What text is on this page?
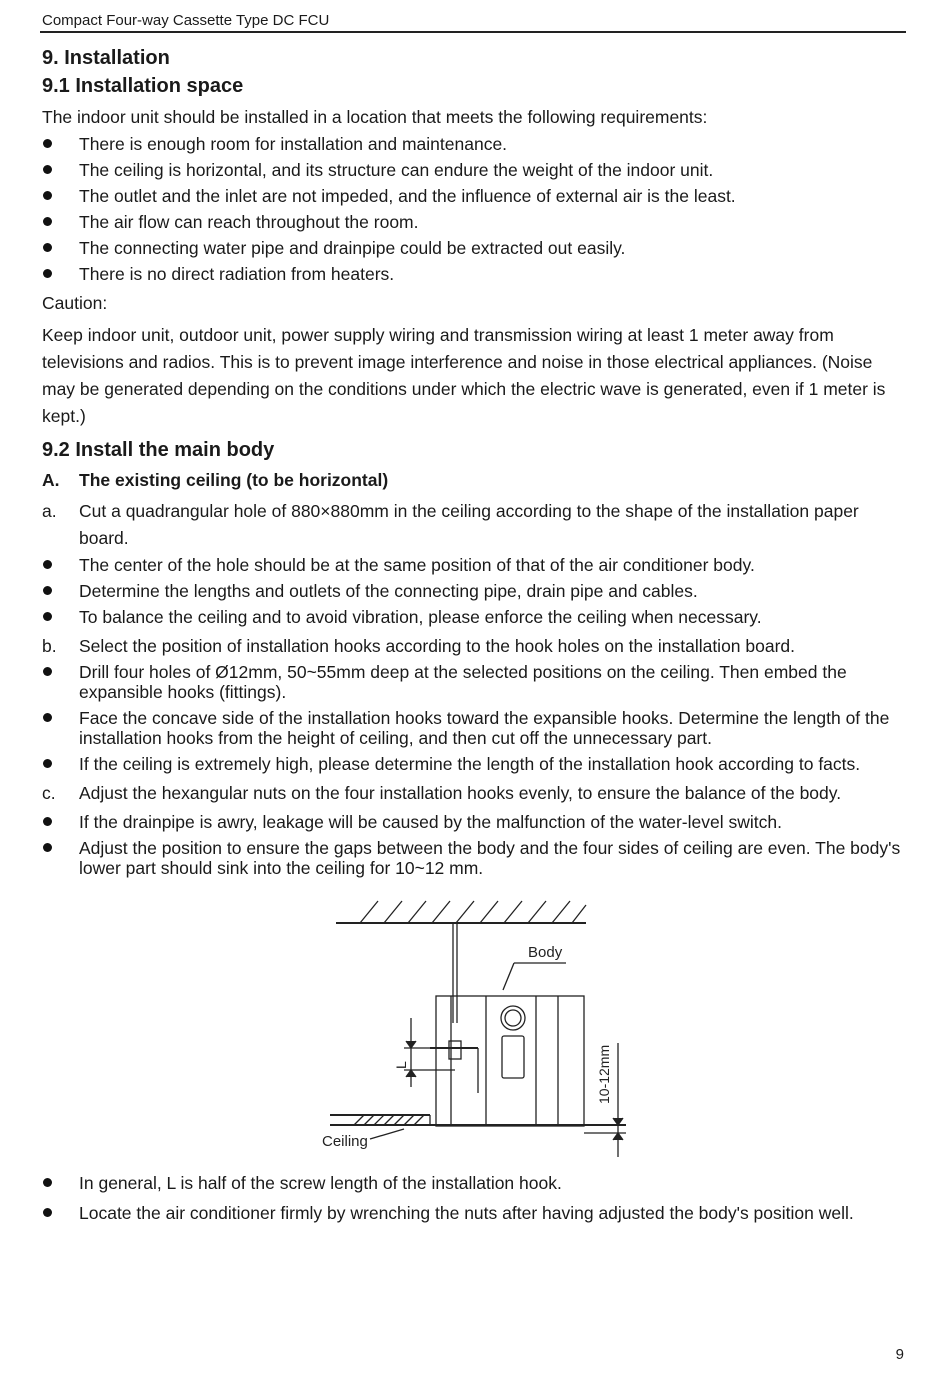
Compact Four-way Cassette Type DC FCU
9. Installation
9.1 Installation space
The indoor unit should be installed in a location that meets the following requirements:
There is enough room for installation and maintenance.
The ceiling is horizontal, and its structure can endure the weight of the indoor unit.
The outlet and the inlet are not impeded, and the influence of external air is the least.
The air flow can reach throughout the room.
The connecting water pipe and drainpipe could be extracted out easily.
There is no direct radiation from heaters.
Caution:
Keep indoor unit, outdoor unit, power supply wiring and transmission wiring at least 1 meter away from televisions and radios. This is to prevent image interference and noise in those electrical appliances. (Noise may be generated depending on the conditions under which the electric wave is generated, even if 1 meter is kept.)
9.2 Install the main body
A.	The existing ceiling (to be horizontal)
a.	Cut a quadrangular hole of 880×880mm in the ceiling according to the shape of the installation paper board.
The center of the hole should be at the same position of that of the air conditioner body.
Determine the lengths and outlets of the connecting pipe, drain pipe and cables.
To balance the ceiling and to avoid vibration, please enforce the ceiling when necessary.
b.	Select the position of installation hooks according to the hook holes on the installation board.
Drill four holes of Ø12mm, 50~55mm deep at the selected positions on the ceiling. Then embed the expansible hooks (fittings).
Face the concave side of the installation hooks toward the expansible hooks. Determine the length of the installation hooks from the height of ceiling, and then cut off the unnecessary part.
If the ceiling is extremely high, please determine the length of the installation hook according to facts.
c.	Adjust the hexangular nuts on the four installation hooks evenly, to ensure the balance of the body.
If the drainpipe is awry, leakage will be caused by the malfunction of the water-level switch.
Adjust the position to ensure the gaps between the body and the four sides of ceiling are even. The body's lower part should sink into the ceiling for 10~12 mm.
Body
Ceiling
L	10-12mm
In general, L is half of the screw length of the installation hook.
Locate the air conditioner firmly by wrenching the nuts after having adjusted the body's position well.
9
